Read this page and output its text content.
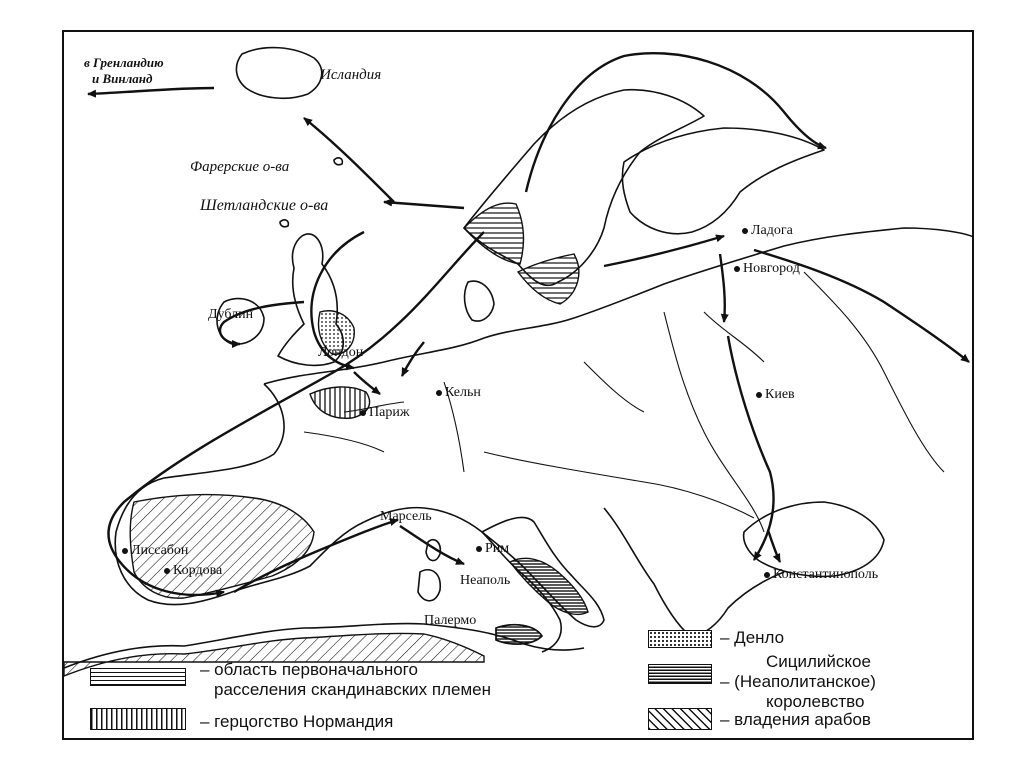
в Гренландию
и Винланд	Исландия
Фарерские о-ва
Шетландские о-ва
Ладога
Новгород
Дублин
Лондон
Кельн
Париж
Киев
Марсель
Рим
Лиссабон
Кордова
Неаполь
Палермо
Константинополь
– область первоначального
расселения скандинавских племен
– герцогство Нормандия
– Денло
Сицилийское
– (Неаполитанское)
королевство
– владения арабов
